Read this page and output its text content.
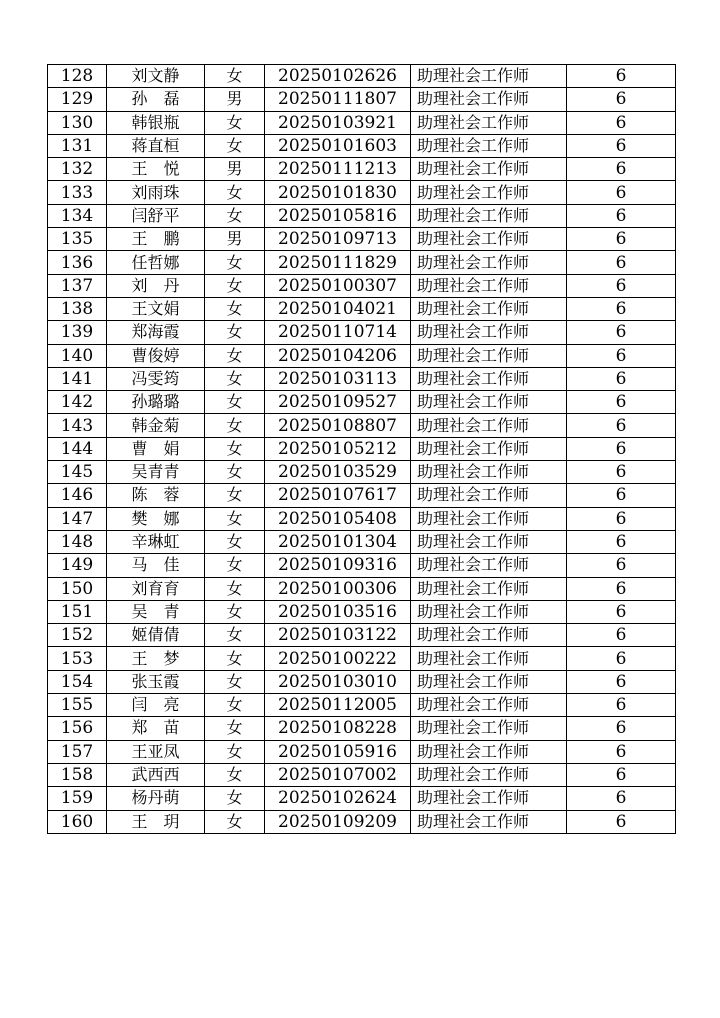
128	刘文静	女	20250102626	助理社会工作师	6
129	孙　磊	男	20250111807	助理社会工作师	6
130	韩银瓶	女	20250103921	助理社会工作师	6
131	蒋直桓	女	20250101603	助理社会工作师	6
132	王　悦	男	20250111213	助理社会工作师	6
133	刘雨珠	女	20250101830	助理社会工作师	6
134	闫舒平	女	20250105816	助理社会工作师	6
135	王　鹏	男	20250109713	助理社会工作师	6
136	任哲娜	女	20250111829	助理社会工作师	6
137	刘　丹	女	20250100307	助理社会工作师	6
138	王文娟	女	20250104021	助理社会工作师	6
139	郑海霞	女	20250110714	助理社会工作师	6
140	曹俊婷	女	20250104206	助理社会工作师	6
141	冯雯筠	女	20250103113	助理社会工作师	6
142	孙璐璐	女	20250109527	助理社会工作师	6
143	韩金菊	女	20250108807	助理社会工作师	6
144	曹　娟	女	20250105212	助理社会工作师	6
145	吴青青	女	20250103529	助理社会工作师	6
146	陈　蓉	女	20250107617	助理社会工作师	6
147	樊　娜	女	20250105408	助理社会工作师	6
148	辛琳虹	女	20250101304	助理社会工作师	6
149	马　佳	女	20250109316	助理社会工作师	6
150	刘育育	女	20250100306	助理社会工作师	6
151	吴　青	女	20250103516	助理社会工作师	6
152	姬倩倩	女	20250103122	助理社会工作师	6
153	王　梦	女	20250100222	助理社会工作师	6
154	张玉霞	女	20250103010	助理社会工作师	6
155	闫　亮	女	20250112005	助理社会工作师	6
156	郑　苗	女	20250108228	助理社会工作师	6
157	王亚凤	女	20250105916	助理社会工作师	6
158	武西西	女	20250107002	助理社会工作师	6
159	杨丹萌	女	20250102624	助理社会工作师	6
160	王　玥	女	20250109209	助理社会工作师	6
